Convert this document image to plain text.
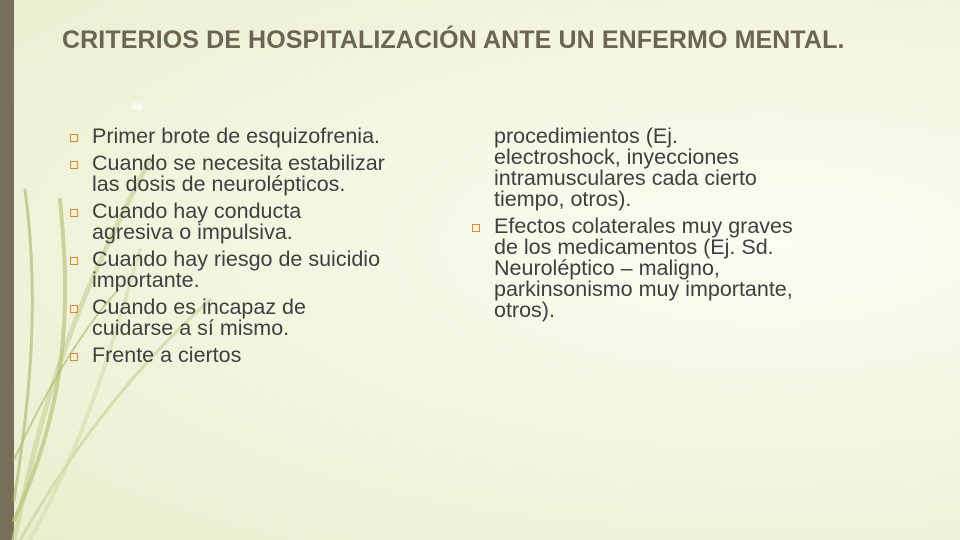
CRITERIOS DE HOSPITALIZACIÓN ANTE UN ENFERMO MENTAL.
49
Primer brote de esquizofrenia.
Cuando se necesita estabilizar las dosis de neurolépticos.
Cuando hay conducta agresiva o impulsiva.
Cuando hay riesgo de suicidio importante.
Cuando es incapaz de cuidarse a sí mismo.
Frente a ciertos
procedimientos (Ej. electroshock, inyecciones intramusculares cada cierto tiempo, otros).
Efectos colaterales muy graves de los medicamentos (Ej. Sd. Neuroléptico – maligno, parkinsonismo muy importante, otros).
